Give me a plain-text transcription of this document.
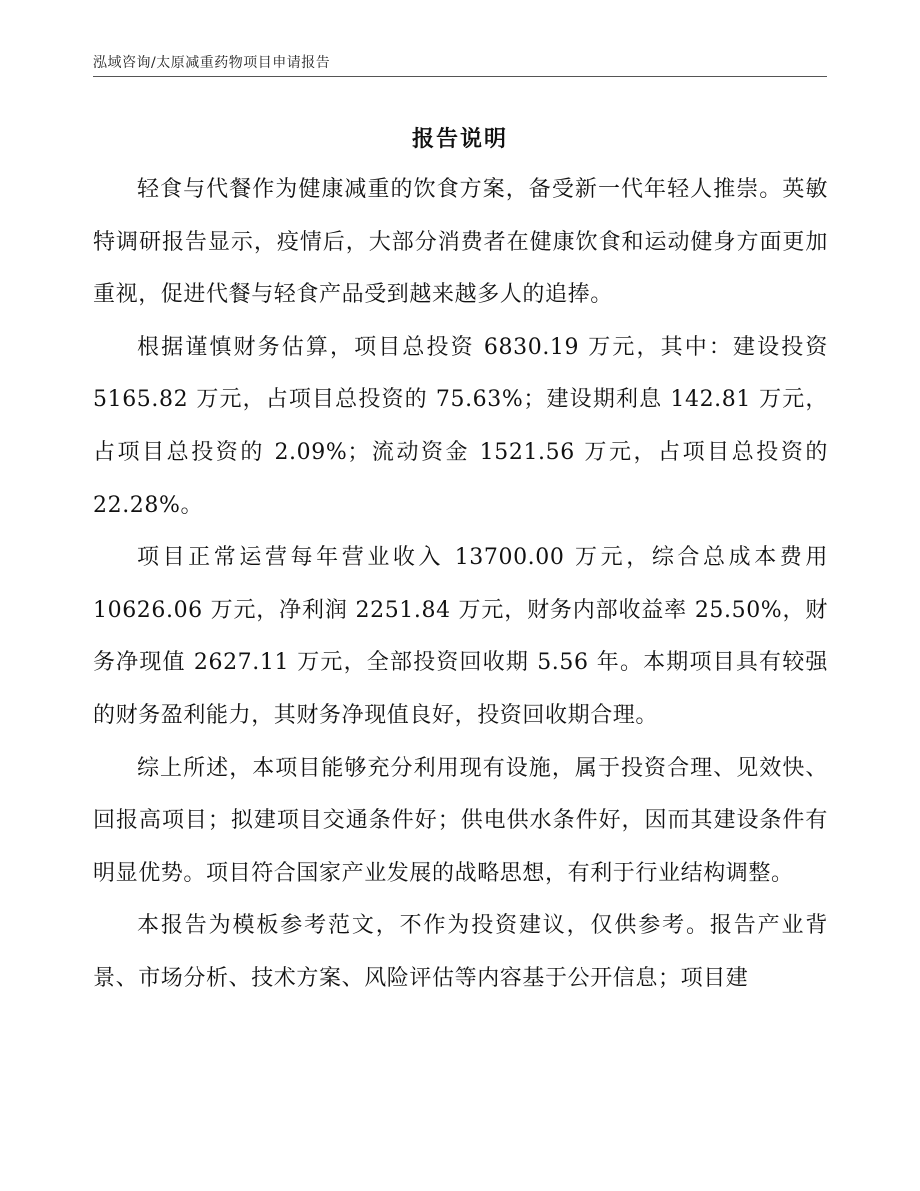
泓域咨询/太原减重药物项目申请报告
报告说明

轻食与代餐作为健康减重的饮食方案，备受新一代年轻人推崇。英敏特调研报告显示，疫情后，大部分消费者在健康饮食和运动健身方面更加重视，促进代餐与轻食产品受到越来越多人的追捧。

根据谨慎财务估算，项目总投资 6830.19 万元，其中：建设投资 5165.82 万元，占项目总投资的 75.63%；建设期利息 142.81 万元，占项目总投资的 2.09%；流动资金 1521.56 万元，占项目总投资的 22.28%。

项目正常运营每年营业收入 13700.00 万元，综合总成本费用 10626.06 万元，净利润 2251.84 万元，财务内部收益率 25.50%，财务净现值 2627.11 万元，全部投资回收期 5.56 年。本期项目具有较强的财务盈利能力，其财务净现值良好，投资回收期合理。

综上所述，本项目能够充分利用现有设施，属于投资合理、见效快、回报高项目；拟建项目交通条件好；供电供水条件好，因而其建设条件有明显优势。项目符合国家产业发展的战略思想，有利于行业结构调整。

本报告为模板参考范文，不作为投资建议，仅供参考。报告产业背景、市场分析、技术方案、风险评估等内容基于公开信息；项目建
